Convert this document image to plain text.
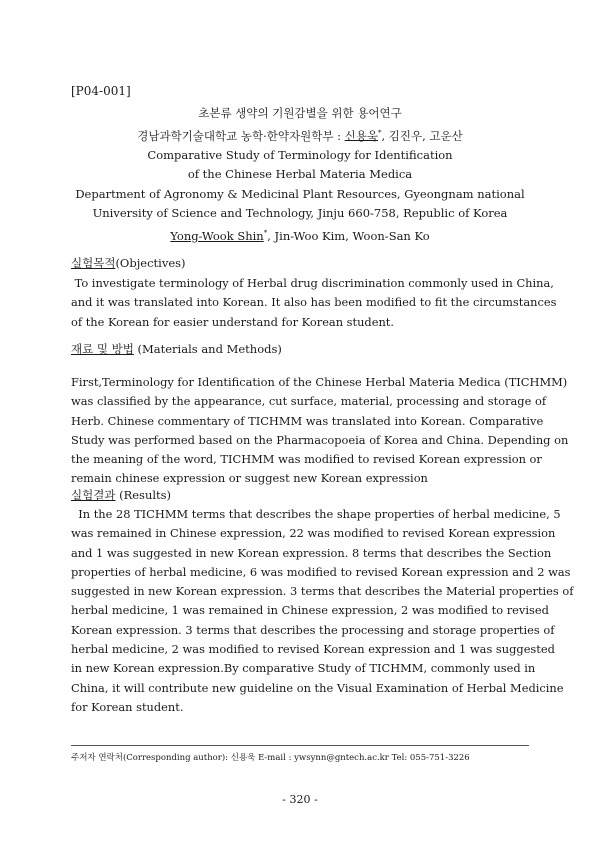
[P04-001]
초본류 생약의 기원감별을 위한 용어연구
경남과학기술대학교 농학·한약자원학부 : 신용욱*, 김진우, 고운산
Comparative Study of Terminology for Identification
of the Chinese Herbal Materia Medica
Department of Agronomy & Medicinal Plant Resources, Gyeongnam national
University of Science and Technology, Jinju 660-758, Republic of Korea
Yong-Wook Shin*, Jin-Woo Kim, Woon-San Ko
실험목적(Objectives)
To investigate terminology of Herbal drug discrimination commonly used in China,
and it was translated into Korean. It also has been modified to fit the circumstances
of the Korean for easier understand for Korean student.
재료 및 방법 (Materials and Methods)
First,Terminology for Identification of the Chinese Herbal Materia Medica (TICHMM)
was classified by the appearance, cut surface, material, processing and storage of
Herb. Chinese commentary of TICHMM was translated into Korean. Comparative
Study was performed based on the Pharmacopoeia of Korea and China. Depending on
the meaning of the word, TICHMM was modified to revised Korean expression or
remain chinese expression or suggest new Korean expression
실험결과 (Results)
In the 28 TICHMM terms that describes the shape properties of herbal medicine, 5
was remained in Chinese expression, 22 was modified to revised Korean expression
and 1 was suggested in new Korean expression. 8 terms that describes the Section
properties of herbal medicine, 6 was modified to revised Korean expression and 2 was
suggested in new Korean expression. 3 terms that describes the Material properties of
herbal medicine, 1 was remained in Chinese expression, 2 was modified to revised
Korean expression. 3 terms that describes the processing and storage properties of
herbal medicine, 2 was modified to revised Korean expression and 1 was suggested
in new Korean expression.By comparative Study of TICHMM, commonly used in
China, it will contribute new guideline on the Visual Examination of Herbal Medicine
for Korean student.
주저자 연락처(Corresponding author): 신용욱 E-mail : ywsynn@gntech.ac.kr Tel: 055-751-3226
- 320 -
